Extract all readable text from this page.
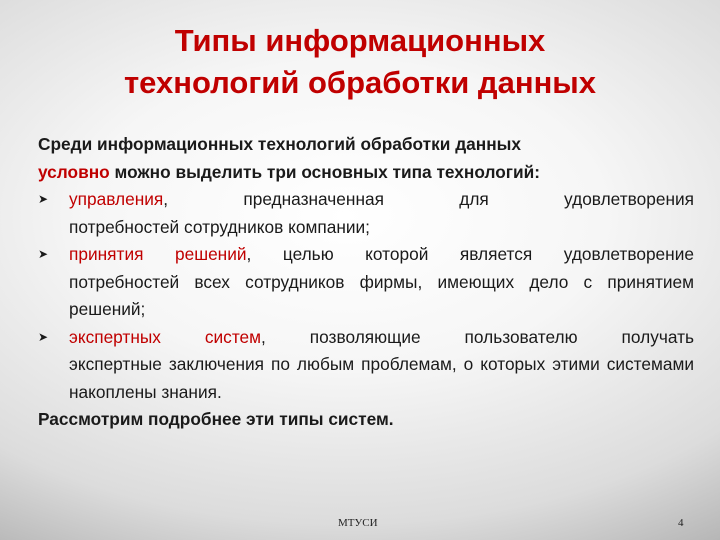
Типы информационных
технологий обработки данных
Среди информационных технологий обработки данных
условно можно выделить три основных типа технологий:
➤ управления, предназначенная для удовлетворения
потребностей сотрудников компании;
➤ принятия решений, целью которой является удовлетворение
потребностей всех сотрудников фирмы, имеющих дело с принятием решений;
➤ экспертных систем, позволяющие пользователю получать
экспертные заключения по любым проблемам, о которых этими системами накоплены знания.
Рассмотрим подробнее эти типы систем.
МТУСИ	4
